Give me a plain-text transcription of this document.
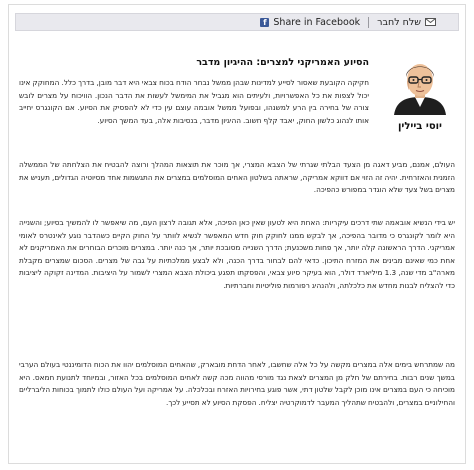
f Share in Facebook שלח לחבר
יוסי ביילין
הסיוע האמריקני למצרים: ההיגיון מדבר

חקיקה הקובעת שאסור לסייע למדינות שבהן ממשל נבחר הודח בכוח צבאי היא דבר מובן, בדרך כלל. המחוקק אינו יכול לצפות את כל האפשרויות, ולעיתים הוא מגביל את המימשל לעשות את הדבר הנכון. הוויכוח על מצרים לובש צורה של בחירה בין הרע למשנהו, ובפועל ממשל אובמה עוצם עין כדי לא להפסיק את הסיוע. אם הקונגרס יחייב אותו לנהוג כלשון החוק, יאבד קלף חשוב. ההיגיון מדבר, בנסיבות אלה, בעד המשך הסיוע.

העולם, אמנם, מביע דאגה מן הצעד הבלתי שגרתי של הצבא המצרי, אך מוכר את תוצאות המהלך ורוצה להבטיח את הצלחתה של הממשלה הזמנית והאזרחית. יהיה זה הזוי אם דווקא אמריקה, שראתה בשלטון האחים המוסלמים במצרים את התגשמות אחד מסיוטיה הגדולים, תעניש את מצרים בשל צעד שלא הוגדר במפורש כהפיכה.

יש בידי הנשיא אובאמה שתי דרכים עיקריות: האחת היא לטעון שאין כאן הפיכה, אלא תגובה לרצון העם, מה שיאפשר לו להמשיך בסיוע; והשנייה היא לומר לקונגרס כי מדובר בהפיכה, אך לבקש ממנו לחוקק חוק חדש המאפשר לנשיא לוותר על החוק הקיים כשהדבר נוגע לאינטרס לאומי אמריקני. הדרך הראשונה קלה יותר, אך פחות משכנעת; הדרך השנייה מסובכת יותר, אך כנה יותר. במצרים מוכרים הבוחרים את האמריקנים לא אחת כמי שאינם מבינים את המזרח התיכון. כדאי להם לבחור בדרך הכנה, ולא לבצע ממלכתיות על גבה של מצרים. הסכום שמצרים מקבלת מארה"ב מדי שנה, 1.3 מיליארד דולר, הוא בעיקר סיוע צבאי, והפסקתו תפגע ביכולת הצבא המצרי לשמור על היציבות. המדינה זקוקה ליציבות כדי להצליח לבנות מחדש את כלכלתה, ולהנהיג רפורמות פוליטיות וחברתיות.

מה שמתרחש בימים אלה במצרים מקשה על כל אלה שחשבו, לאחר הדחת מובארק, שהאחים המוסלמים יהוו את הכוח הדומיננטי בעולם הערבי במשך שנים רבות. בחירתם של חלק מן המצרים לצאת נגד מורסי מהווה מכה קשה לאחים המוסלמים בכל האזור, ובמיוחד לתנועת חמאס. היא מוכיחה כי העם במצרים אינו מוכן לקבל שלטון דתי, אשר פוגע בחירויות האזרח ובכלכלה. על אמריקה ועל העולם כולו לתמוך בכוחות הליברליים והחילוניים במצרים, ולהבטיח שתהליך המעבר לדמוקרטיה יצליח. הפסקת הסיוע לא תסייע לכך.
